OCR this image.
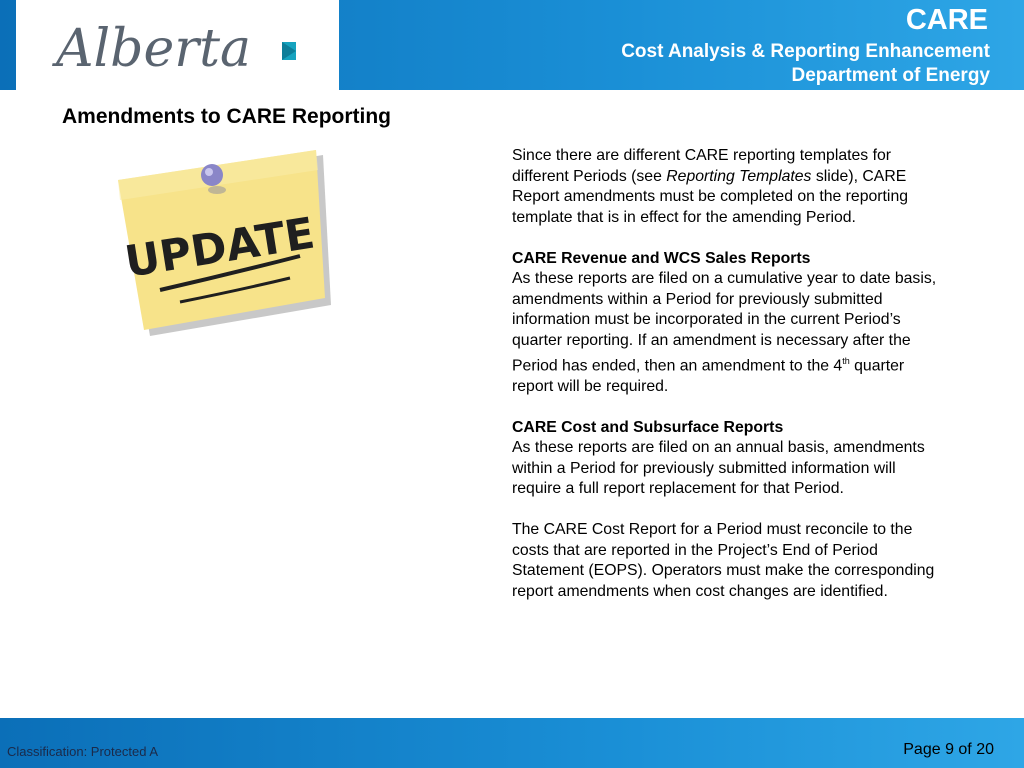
Alberta	CARE
Cost Analysis & Reporting Enhancement
Department of Energy
Amendments to CARE Reporting
UPDATE

Since there are different CARE reporting templates for different Periods (see Reporting Templates slide), CARE Report amendments must be completed on the reporting template that is in effect for the amending Period.

CARE Revenue and WCS Sales Reports

As these reports are filed on a cumulative year to date basis, amendments within a Period for previously submitted information must be incorporated in the current Period’s quarter reporting. If an amendment is necessary after the Period has ended, then an amendment to the 4th quarter report will be required.

CARE Cost and Subsurface Reports

As these reports are filed on an annual basis, amendments within a Period for previously submitted information will require a full report replacement for that Period.

The CARE Cost Report for a Period must reconcile to the costs that are reported in the Project’s End of Period Statement (EOPS). Operators must make the corresponding report amendments when cost changes are identified.

Classification: Protected A	Page 9 of 20
